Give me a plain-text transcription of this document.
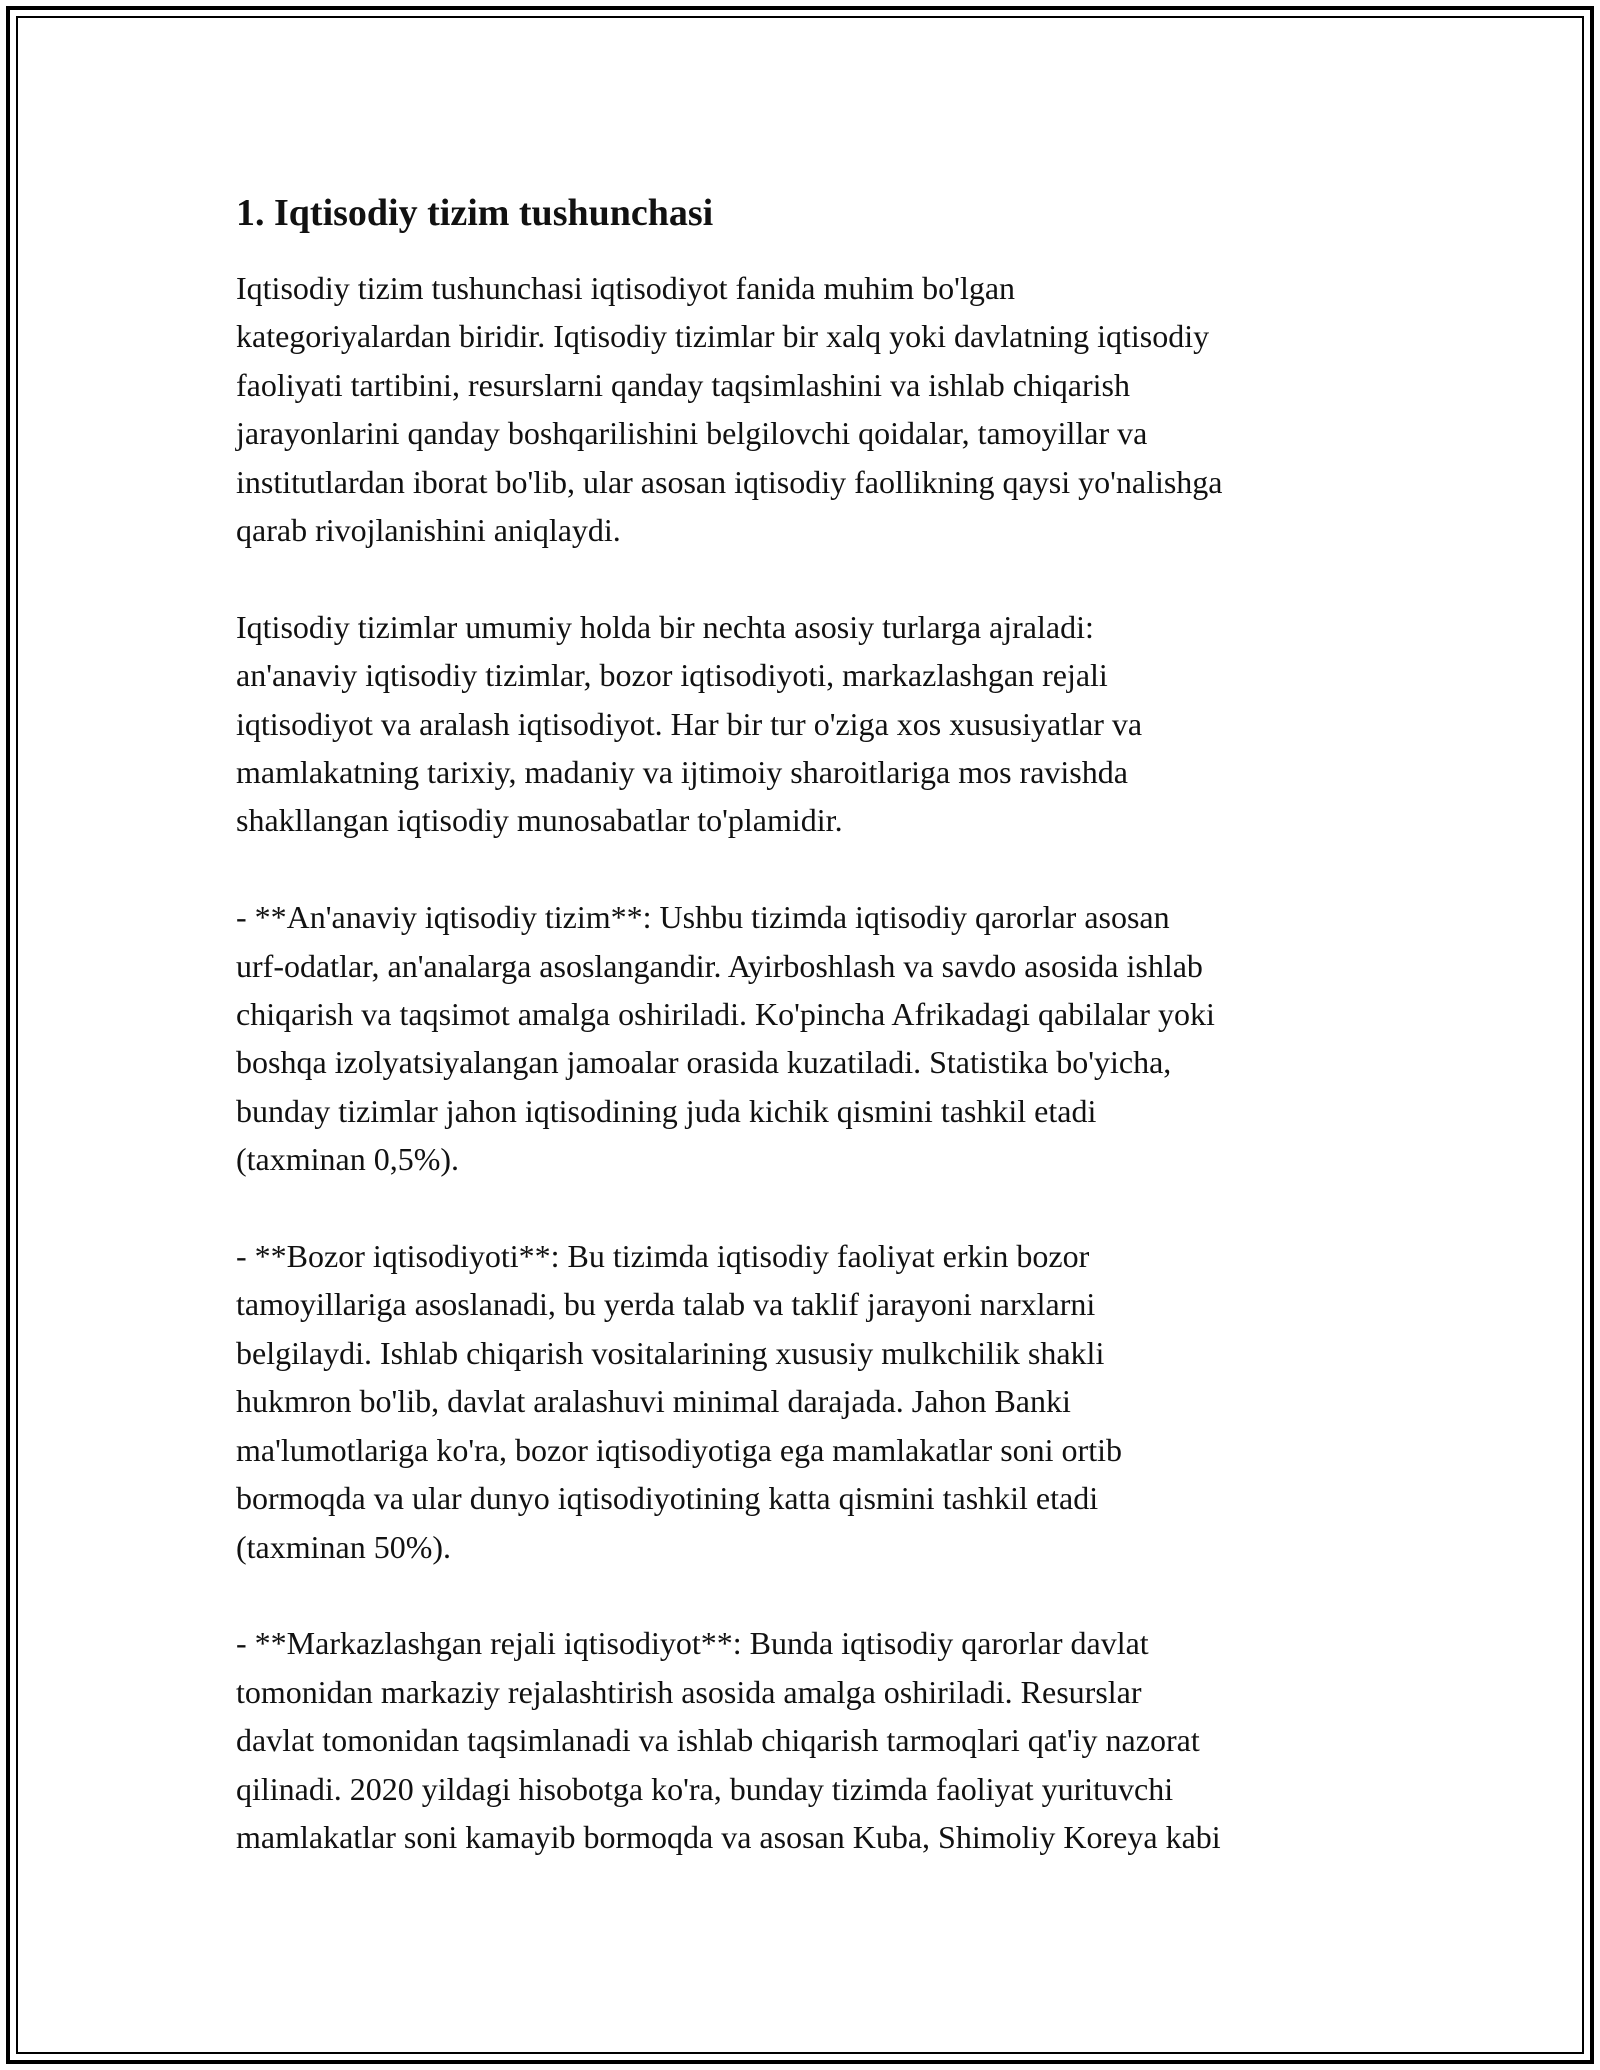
1. Iqtisodiy tizim tushunchasi

Iqtisodiy tizim tushunchasi iqtisodiyot fanida muhim bo'lgan
kategoriyalardan biridir. Iqtisodiy tizimlar bir xalq yoki davlatning iqtisodiy
faoliyati tartibini, resurslarni qanday taqsimlashini va ishlab chiqarish
jarayonlarini qanday boshqarilishini belgilovchi qoidalar, tamoyillar va
institutlardan iborat bo'lib, ular asosan iqtisodiy faollikning qaysi yo'nalishga
qarab rivojlanishini aniqlaydi.

Iqtisodiy tizimlar umumiy holda bir nechta asosiy turlarga ajraladi:
an'anaviy iqtisodiy tizimlar, bozor iqtisodiyoti, markazlashgan rejali
iqtisodiyot va aralash iqtisodiyot. Har bir tur o'ziga xos xususiyatlar va
mamlakatning tarixiy, madaniy va ijtimoiy sharoitlariga mos ravishda
shakllangan iqtisodiy munosabatlar to'plamidir.

- **An'anaviy iqtisodiy tizim**: Ushbu tizimda iqtisodiy qarorlar asosan
urf-odatlar, an'analarga asoslangandir. Ayirboshlash va savdo asosida ishlab
chiqarish va taqsimot amalga oshiriladi. Ko'pincha Afrikadagi qabilalar yoki
boshqa izolyatsiyalangan jamoalar orasida kuzatiladi. Statistika bo'yicha,
bunday tizimlar jahon iqtisodining juda kichik qismini tashkil etadi
(taxminan 0,5%).

- **Bozor iqtisodiyoti**: Bu tizimda iqtisodiy faoliyat erkin bozor
tamoyillariga asoslanadi, bu yerda talab va taklif jarayoni narxlarni
belgilaydi. Ishlab chiqarish vositalarining xususiy mulkchilik shakli
hukmron bo'lib, davlat aralashuvi minimal darajada. Jahon Banki
ma'lumotlariga ko'ra, bozor iqtisodiyotiga ega mamlakatlar soni ortib
bormoqda va ular dunyo iqtisodiyotining katta qismini tashkil etadi
(taxminan 50%).

- **Markazlashgan rejali iqtisodiyot**: Bunda iqtisodiy qarorlar davlat
tomonidan markaziy rejalashtirish asosida amalga oshiriladi. Resurslar
davlat tomonidan taqsimlanadi va ishlab chiqarish tarmoqlari qat'iy nazorat
qilinadi. 2020 yildagi hisobotga ko'ra, bunday tizimda faoliyat yurituvchi
mamlakatlar soni kamayib bormoqda va asosan Kuba, Shimoliy Koreya kabi
